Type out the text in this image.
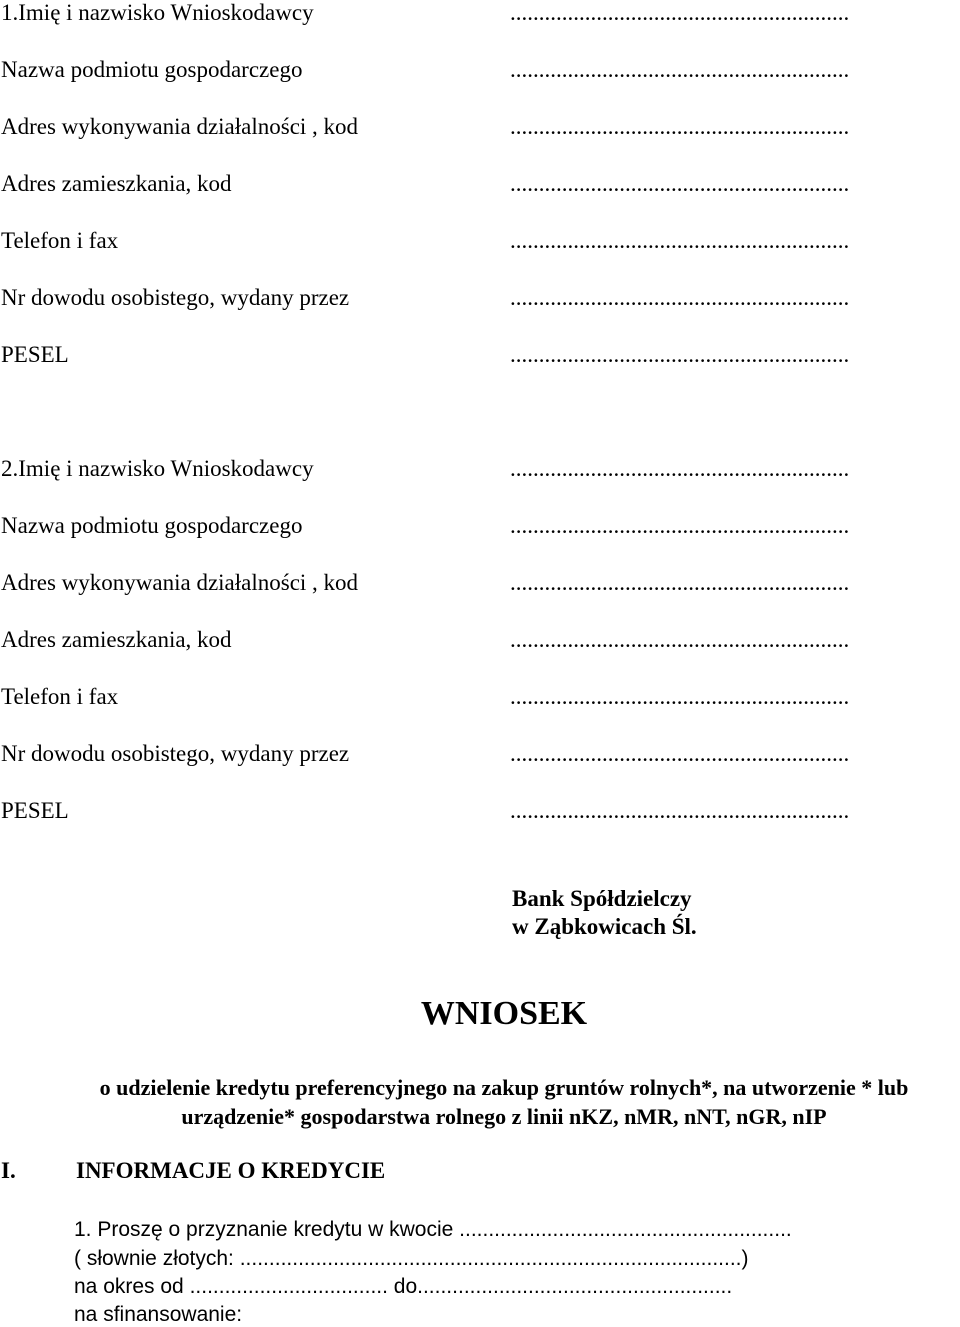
1.Imię i nazwisko Wnioskodawcy	...........................................................
Nazwa podmiotu gospodarczego	...........................................................
Adres wykonywania działalności , kod	...........................................................
Adres zamieszkania, kod	...........................................................
Telefon i fax	...........................................................
Nr dowodu osobistego, wydany przez	...........................................................
PESEL	...........................................................
2.Imię i nazwisko Wnioskodawcy	...........................................................
Nazwa podmiotu gospodarczego	...........................................................
Adres wykonywania działalności , kod	...........................................................
Adres zamieszkania, kod	...........................................................
Telefon i fax	...........................................................
Nr dowodu osobistego, wydany przez	...........................................................
PESEL	...........................................................
Bank Spółdzielczy
w Ząbkowicach Śl.
WNIOSEK
o udzielenie kredytu preferencyjnego na zakup gruntów rolnych*, na utworzenie * lub
urządzenie* gospodarstwa rolnego z linii nKZ, nMR, nNT, nGR, nIP
I.	INFORMACJE O KREDYCIE
1. Proszę o przyznanie kredytu w kwocie .........................................................
( słownie złotych: ......................................................................................)
na okres od .................................. do......................................................
na sfinansowanie:
